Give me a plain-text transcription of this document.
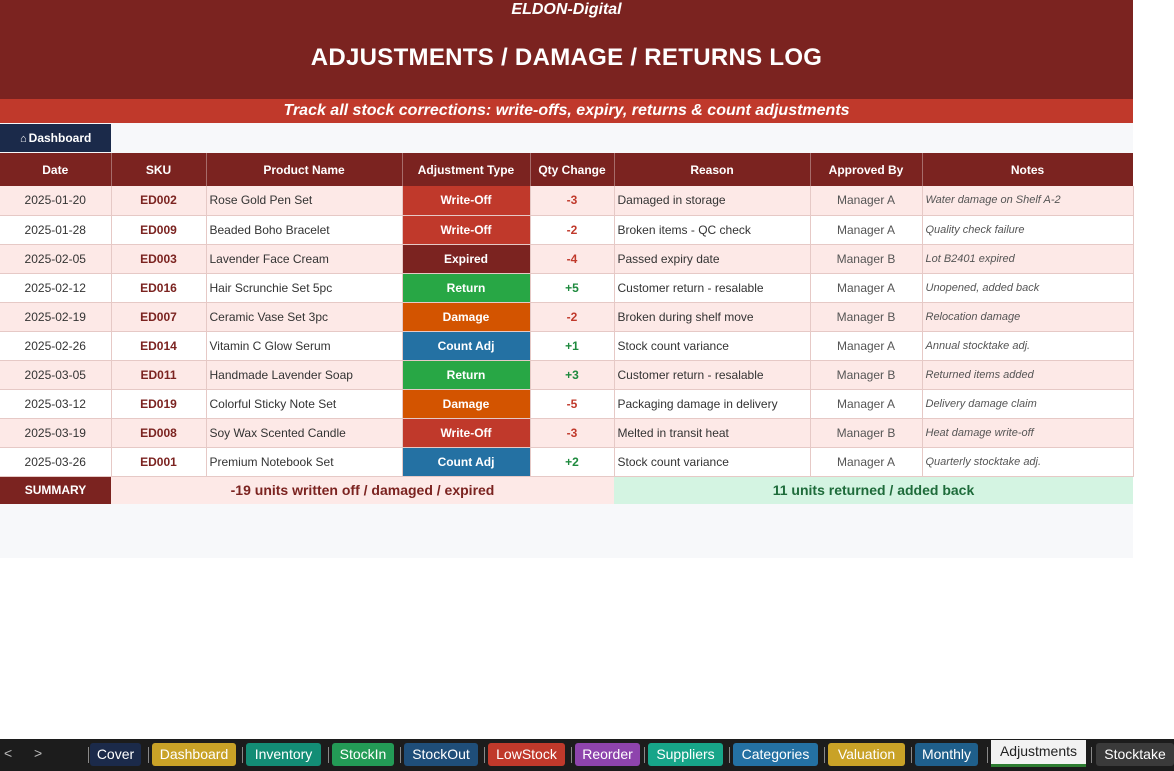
ELDON-Digital
ADJUSTMENTS / DAMAGE / RETURNS LOG
Track all stock corrections: write-offs, expiry, returns & count adjustments
⌂ Dashboard
Date	SKU	Product Name	Adjustment Type	Qty Change	Reason	Approved By	Notes
2025-01-20	ED002	Rose Gold Pen Set	Write-Off	-3	Damaged in storage	Manager A	Water damage on Shelf A-2
2025-01-28	ED009	Beaded Boho Bracelet	Write-Off	-2	Broken items - QC check	Manager A	Quality check failure
2025-02-05	ED003	Lavender Face Cream	Expired	-4	Passed expiry date	Manager B	Lot B2401 expired
2025-02-12	ED016	Hair Scrunchie Set 5pc	Return	+5	Customer return - resalable	Manager A	Unopened, added back
2025-02-19	ED007	Ceramic Vase Set 3pc	Damage	-2	Broken during shelf move	Manager B	Relocation damage
2025-02-26	ED014	Vitamin C Glow Serum	Count Adj	+1	Stock count variance	Manager A	Annual stocktake adj.
2025-03-05	ED011	Handmade Lavender Soap	Return	+3	Customer return - resalable	Manager B	Returned items added
2025-03-12	ED019	Colorful Sticky Note Set	Damage	-5	Packaging damage in delivery	Manager A	Delivery damage claim
2025-03-19	ED008	Soy Wax Scented Candle	Write-Off	-3	Melted in transit heat	Manager B	Heat damage write-off
2025-03-26	ED001	Premium Notebook Set	Count Adj	+2	Stock count variance	Manager A	Quarterly stocktake adj.
SUMMARY	-19 units written off / damaged / expired				11 units returned / added back		
< >	Cover	Dashboard	Inventory	StockIn	StockOut	LowStock	Reorder	Suppliers	Categories	Valuation	Monthly	Adjustments	Stocktake
